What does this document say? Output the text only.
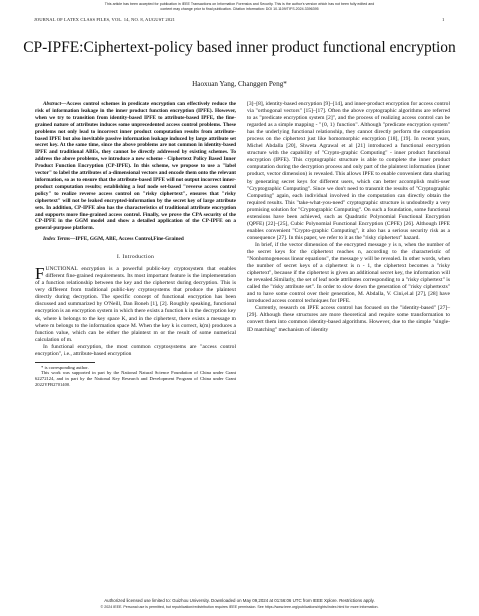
This article has been accepted for publication in IEEE Transactions on Information Forensics and Security. This is the author's version which has not been fully edited and
content may change prior to final publication. Citation information: DOI 10.1109/TIFS.2024.3396395
JOURNAL OF LATEX CLASS FILES, VOL. 14, NO. 8, AUGUST 2021	1
CP-IPFE:Ciphertext-policy based inner product functional encryption
Haoxuan Yang, Changgen Peng*

Abstract—Access control schemes in predicate encryption can effectively reduce the risk of information leakage in the inner product function encryption (IPFE). However, when we try to transition from identity-based IPFE to attribute-based IPFE, the fine-grained nature of attributes induces some unprecedented access control problems. These problems not only lead to incorrect inner product computation results from attribute-based IPFE but also inevitable passive information leakage induced by large attribute set secret key. At the same time, since the above problems are not common in identity-based IPFE and traditional ABEs, they cannot be directly addressed by existing schemes. To address the above problems, we introduce a new scheme - Ciphertext Policy Based Inner Product Function Encryption (CP-IPFE). In this scheme, we propose to use a "label vector" to label the attributes of a-dimensional vectors and encode them onto the relevant information, so as to ensure that the attribute-based IPFE will not output incorrect inner-product computation results; establishing a leaf node set-based "reverse access control policy" to realize reverse access control on "risky ciphertext", ensures that "risky ciphertext" will not be leaked encrypted-information by the secret key of large attribute sets. In addition, CP-IPFE also has the characteristics of traditional attribute encryption and supports more fine-grained access control. Finally, we prove the CPA security of the CP-IPFE in the GGM model and show a detailed application of the CP-IPFE on a general-purpose platform.

Index Terms—IPFE, GGM, ABE, Access Control,Fine-Grained

I. Introduction

FUNCTIONAL encryption is a powerful public-key cryptosystem that enables different fine-grained requirements. Its most important feature is the implementation of a function relationship between the key and the ciphertext during decryption. This is very different from traditional public-key cryptosystems that produce the plaintext directly during decryption. The specific concept of functional encryption has been discussed and summarized by O'Neill, Dan Boneh [1], [2]. Roughly speaking, functional encryption is an encryption system in which there exists a function k in the decryption key sk, where k belongs to the key space K, and in the ciphertext, there exists a message m where m belongs to the information space M. When the key k is correct, k(m) produces a function value, which can be either the plaintext m or the result of some numerical calculation of m.

In functional encryption, the most common cryptosystems are "access control encryption", i.e., attribute-based encryption

* is corresponding author.

This work was supported in part by the National Natural Science Foundation of China under Grant 62272124, and in part by the National Key Research and Development Program of China under Grant 2022YFB2701400.

[3]–[8], identity-based encryption [9]–[14], and inner-product encryption for access control via "orthogonal vectors" [15]–[17]. Often the above cryptographic algorithms are referred to as "predicate encryption system [2]", and the process of realizing access control can be regarded as a simple mapping - "{0, 1} function". Although "predicate encryption system" has the underlying functional relationship, they cannot directly perform the computation process on the ciphertext just like homomorphic encryption [18], [19]. In recent years, Michel Abdalla [20], Shweta Agrawal et al [21] introduced a functional encryption structure with the capability of "Crypto-graphic Computing" - inner product functional encryption (IPFE). This cryptographic structure is able to complete the inner product computation during the decryption process and only part of the plaintext information (inner product, vector dimension) is revealed. This allows IPFE to enable convenient data sharing by generating secret keys for different users, which can better accomplish multi-user "Cryptographic Computing". Since we don't need to transmit the results of "Cryptographic Computing" again, each individual involved in the computation can directly obtain the required results. This "take-what-you-need" cryptographic structure is undoubtedly a very promising solution for "Cryptographic Computing". On such a foundation, some functional extensions have been achieved, such as Quadratic Polynomial Functional Encryption (QPFE) [22]–[25], Cubic Polynomial Functional Encryption (CPFE) [26]. Although IPFE enables convenient "Crypto-graphic Computing", it also has a serious security risk as a consequence [27]. In this paper, we refer to it as the "risky ciphertext" hazard.

In brief, if the vector dimension of the encrypted message y is n, when the number of the secret keys for the ciphertext reaches n, according to the characteristic of "Nonhomogeneous linear equations", the message y will be revealed. In other words, when the number of secret keys of a ciphertext is n - 1, the ciphertext becomes a "risky ciphertext", because if the ciphertext is given an additional secret key, the information will be revealed.Similarly, the set of leaf node attributes corresponding to a "risky ciphertext" is called the "risky attribute set". In order to slow down the generation of "risky ciphertexts" and to have some control over their generation, M. Abdalla, V. Cini,el.al [27], [28] have introduced access control techniques for IPFE.

Currently, research on IPFE access control has focused on the "identity-based" [27]–[29]. Although these structures are more theoretical and require some transformation to convert them into common identity-based algorithms. However, due to the simple "single-ID matching" mechanism of identity

Authorized licensed use limited to: Guizhou University. Downloaded on May 09,2024 at 01:56:06 UTC from IEEE Xplore. Restrictions apply.
© 2024 IEEE. Personal use is permitted, but republication/redistribution requires IEEE permission. See https://www.ieee.org/publications/rights/index.html for more information.
